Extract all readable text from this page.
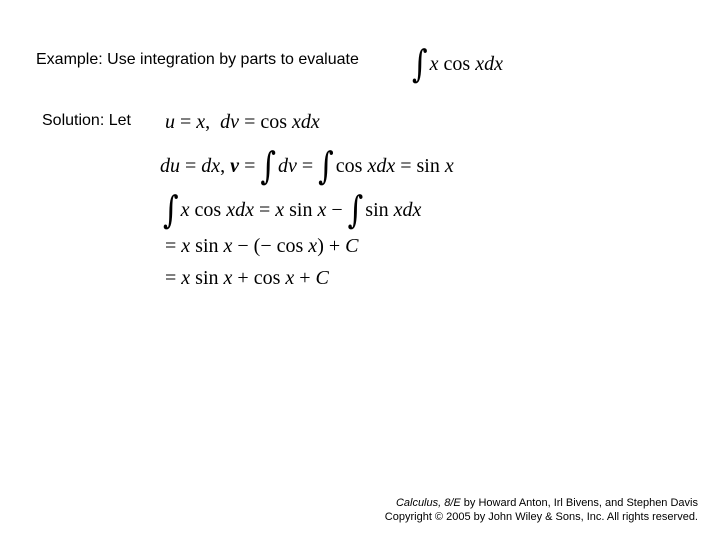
Example: Use integration by parts to evaluate ∫ x cos xdx
Solution: Let u = x,  dv = cos xdx
du = dx, v = ∫ dv = ∫ cos xdx = sin x
∫ x cos xdx = x sin x − ∫ sin xdx
= x sin x − (− cos x) + C
= x sin x + cos x + C
Calculus, 8/E by Howard Anton, Irl Bivens, and Stephen Davis
Copyright © 2005 by John Wiley & Sons, Inc. All rights reserved.
